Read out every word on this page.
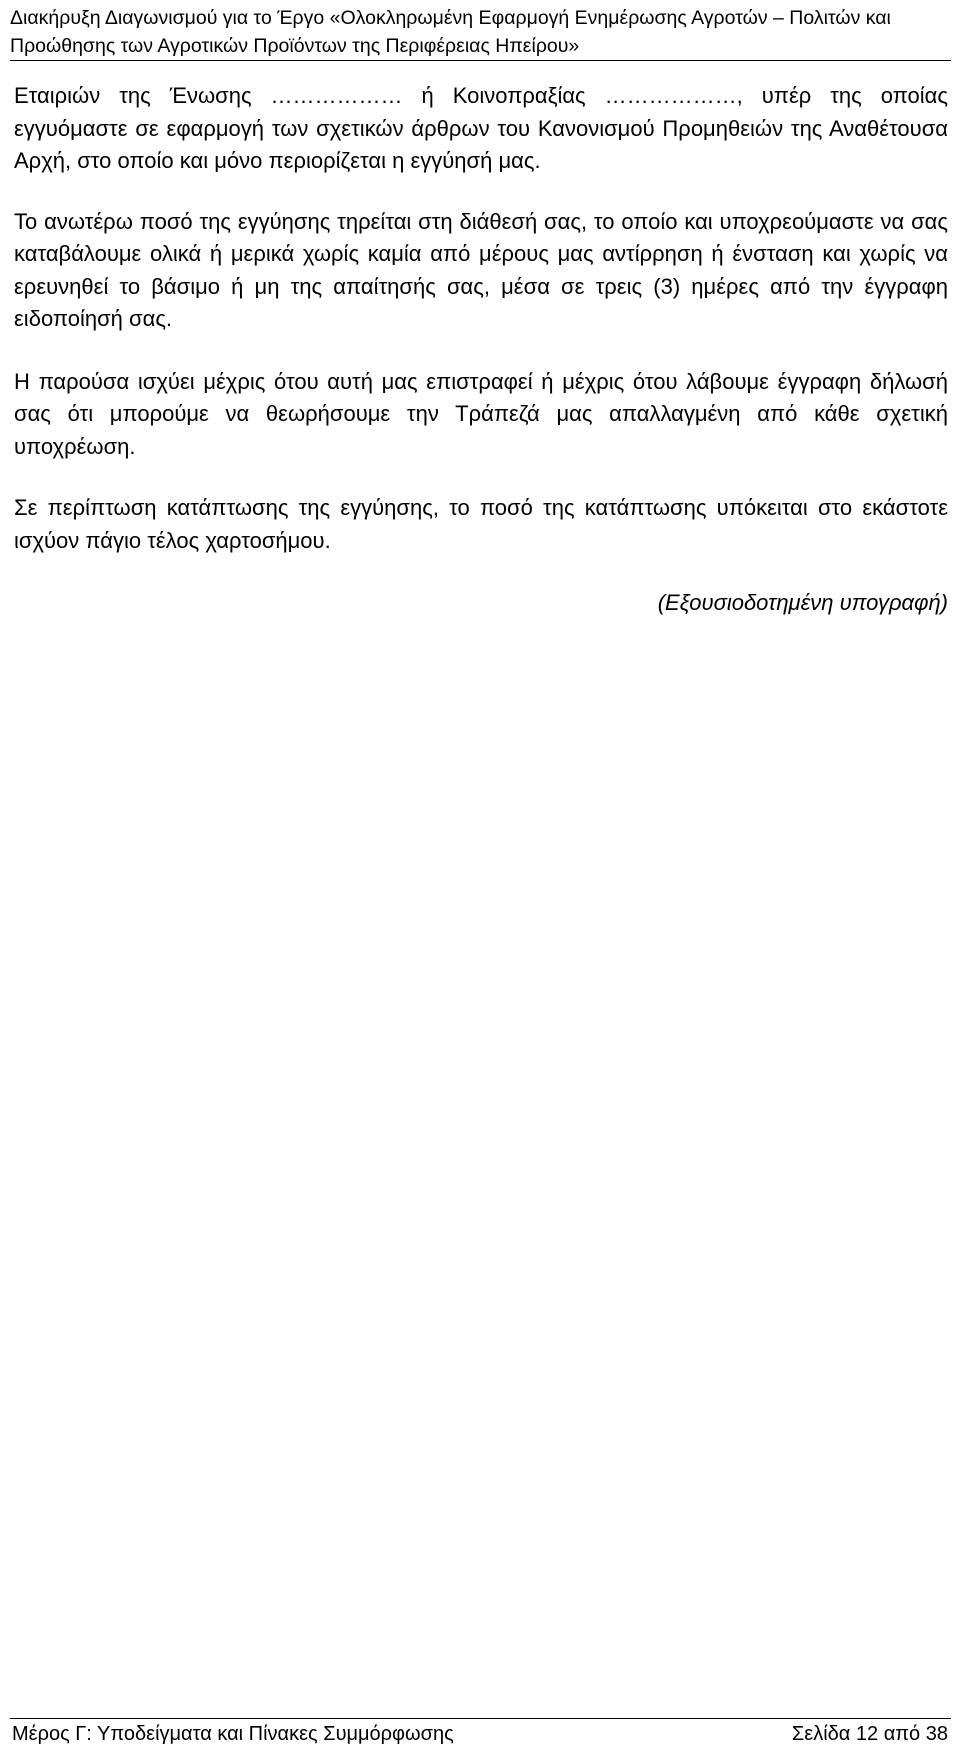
Διακήρυξη Διαγωνισμού για το Έργο «Ολοκληρωμένη Εφαρμογή Ενημέρωσης Αγροτών – Πολιτών και
Προώθησης των Αγροτικών Προϊόντων της Περιφέρειας Ηπείρου»

Εταιριών της Ένωσης ……………… ή Κοινοπραξίας ………………, υπέρ της οποίας εγγυόμαστε σε εφαρμογή των σχετικών άρθρων του Κανονισμού Προμηθειών της Αναθέτουσα Αρχή, στο οποίο και μόνο περιορίζεται η εγγύησή μας.

Το ανωτέρω ποσό της εγγύησης τηρείται στη διάθεσή σας, το οποίο και υποχρεούμαστε να σας καταβάλουμε ολικά ή μερικά χωρίς καμία από μέρους μας αντίρρηση ή ένσταση και χωρίς να ερευνηθεί το βάσιμο ή μη της απαίτησής σας, μέσα σε τρεις (3) ημέρες από την έγγραφη ειδοποίησή σας.

Η παρούσα ισχύει μέχρις ότου αυτή μας επιστραφεί ή μέχρις ότου λάβουμε έγγραφη δήλωσή σας ότι μπορούμε να θεωρήσουμε την Τράπεζά μας απαλλαγμένη από κάθε σχετική υποχρέωση.

Σε περίπτωση κατάπτωσης της εγγύησης, το ποσό της κατάπτωσης υπόκειται στο εκάστοτε ισχύον πάγιο τέλος χαρτοσήμου.

(Εξουσιοδοτημένη υπογραφή)

Μέρος Γ: Υποδείγματα και Πίνακες Συμμόρφωσης	Σελίδα 12 από 38
